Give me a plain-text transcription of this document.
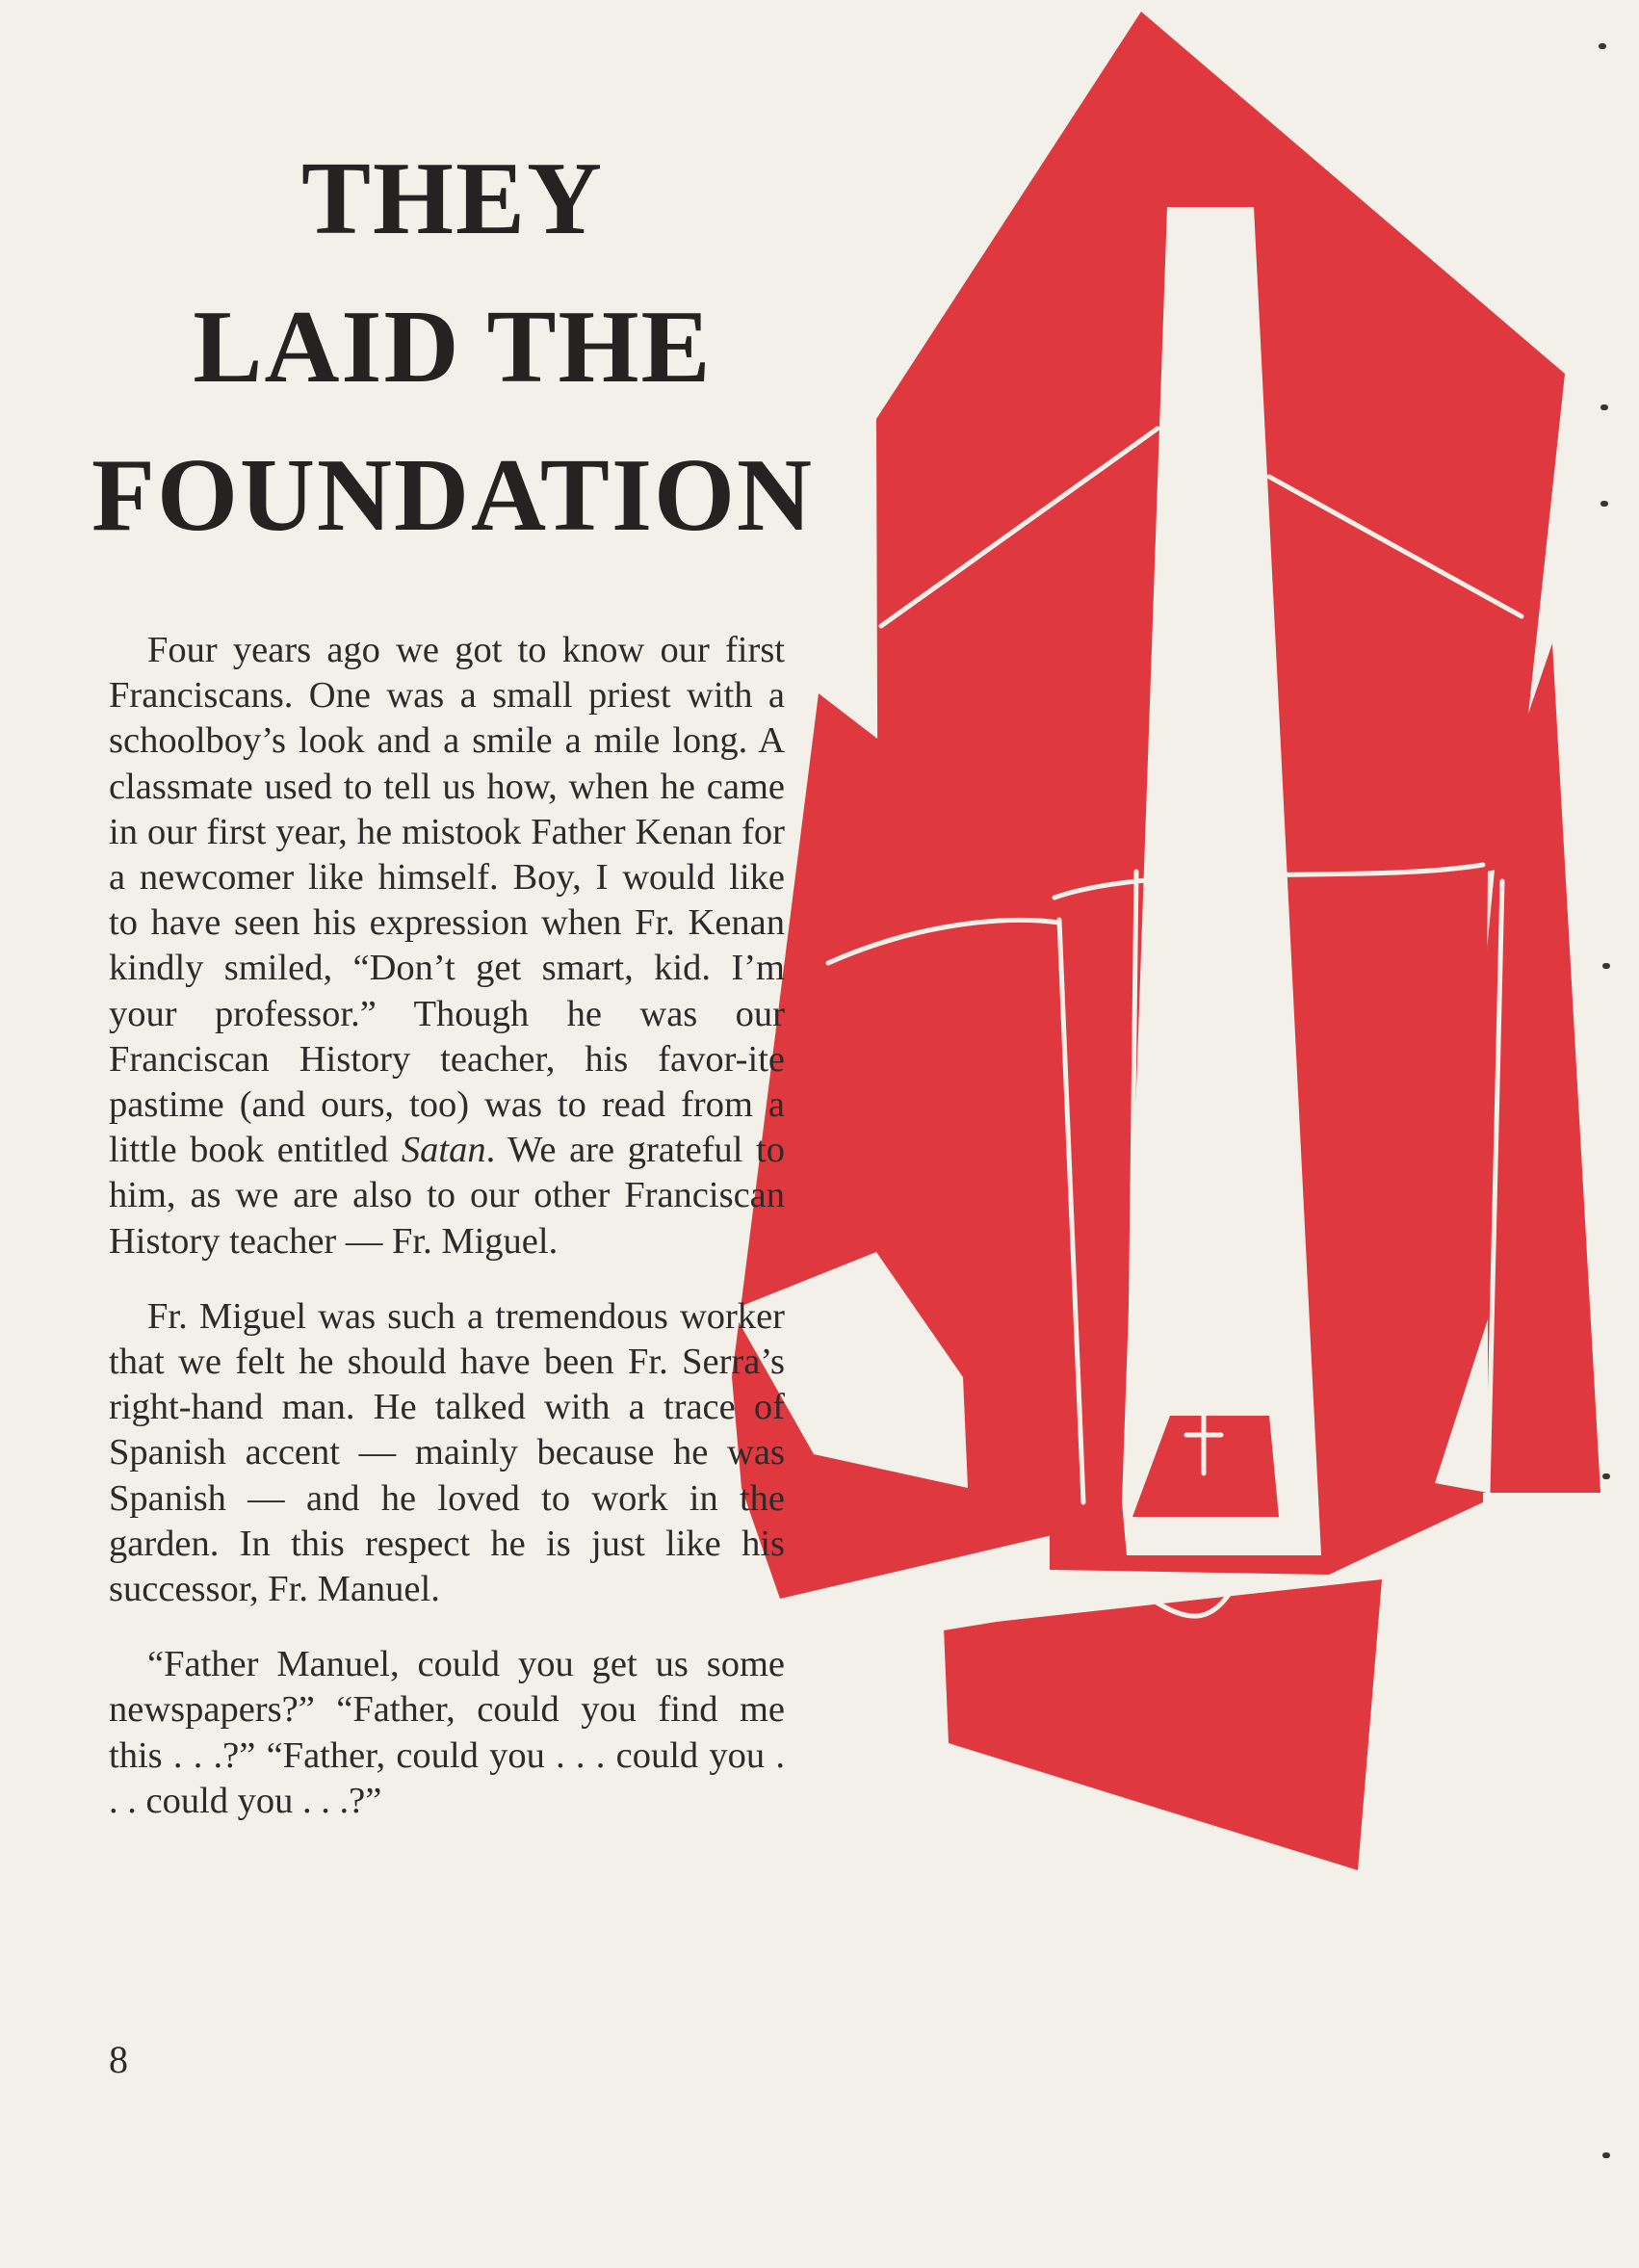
THEY
LAID THE
FOUNDATION

Four years ago we got to know our first Franciscans. One was a small priest with a schoolboy’s look and a smile a mile long. A classmate used to tell us how, when he came in our first year, he mistook Father Kenan for a newcomer like himself. Boy, I would like to have seen his expression when Fr. Kenan kindly smiled, “Don’t get smart, kid. I’m your professor.” Though he was our Franciscan History teacher, his favor-ite pastime (and ours, too) was to read from a little book entitled Satan. We are grateful to him, as we are also to our other Franciscan History teacher — Fr. Miguel.

Fr. Miguel was such a tremendous worker that we felt he should have been Fr. Serra’s right-hand man. He talked with a trace of Spanish accent — mainly because he was Spanish — and he loved to work in the garden. In this respect he is just like his successor, Fr. Manuel.

“Father Manuel, could you get us some newspapers?” “Father, could you find me this . . .?” “Father, could you . . . could you . . . could you . . .?”

8
